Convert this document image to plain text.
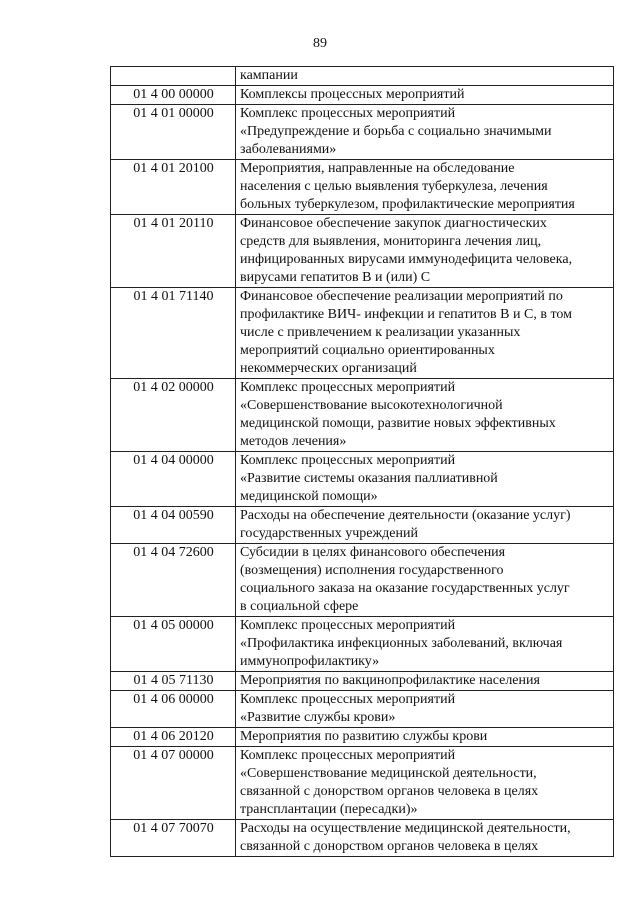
89

	кампании

01 4 00 00000	Комплексы процессных мероприятий

01 4 01 00000	Комплекс процессных мероприятий
«Предупреждение и борьба с социально значимыми
заболеваниями»

01 4 01 20100	Мероприятия, направленные на обследование
населения с целью выявления туберкулеза, лечения
больных туберкулезом, профилактические мероприятия

01 4 01 20110	Финансовое обеспечение закупок диагностических
средств для выявления, мониторинга лечения лиц,
инфицированных вирусами иммунодефицита человека,
вирусами гепатитов В и (или) С

01 4 01 71140	Финансовое обеспечение реализации мероприятий по
профилактике ВИЧ- инфекции и гепатитов В и С, в том
числе с привлечением к реализации указанных
мероприятий социально ориентированных
некоммерческих организаций

01 4 02 00000	Комплекс процессных мероприятий
«Совершенствование высокотехнологичной
медицинской помощи, развитие новых эффективных
методов лечения»

01 4 04 00000	Комплекс процессных мероприятий
«Развитие системы оказания паллиативной
медицинской помощи»

01 4 04 00590	Расходы на обеспечение деятельности (оказание услуг)
государственных учреждений

01 4 04 72600	Субсидии в целях финансового обеспечения
(возмещения) исполнения государственного
социального заказа на оказание государственных услуг
в социальной сфере

01 4 05 00000	Комплекс процессных мероприятий
«Профилактика инфекционных заболеваний, включая
иммунопрофилактику»

01 4 05 71130	Мероприятия по вакцинопрофилактике населения

01 4 06 00000	Комплекс процессных мероприятий
«Развитие службы крови»

01 4 06 20120	Мероприятия по развитию службы крови

01 4 07 00000	Комплекс процессных мероприятий
«Совершенствование медицинской деятельности,
связанной с донорством органов человека в целях
трансплантации (пересадки)»

01 4 07 70070	Расходы на осуществление медицинской деятельности,
связанной с донорством органов человека в целях
